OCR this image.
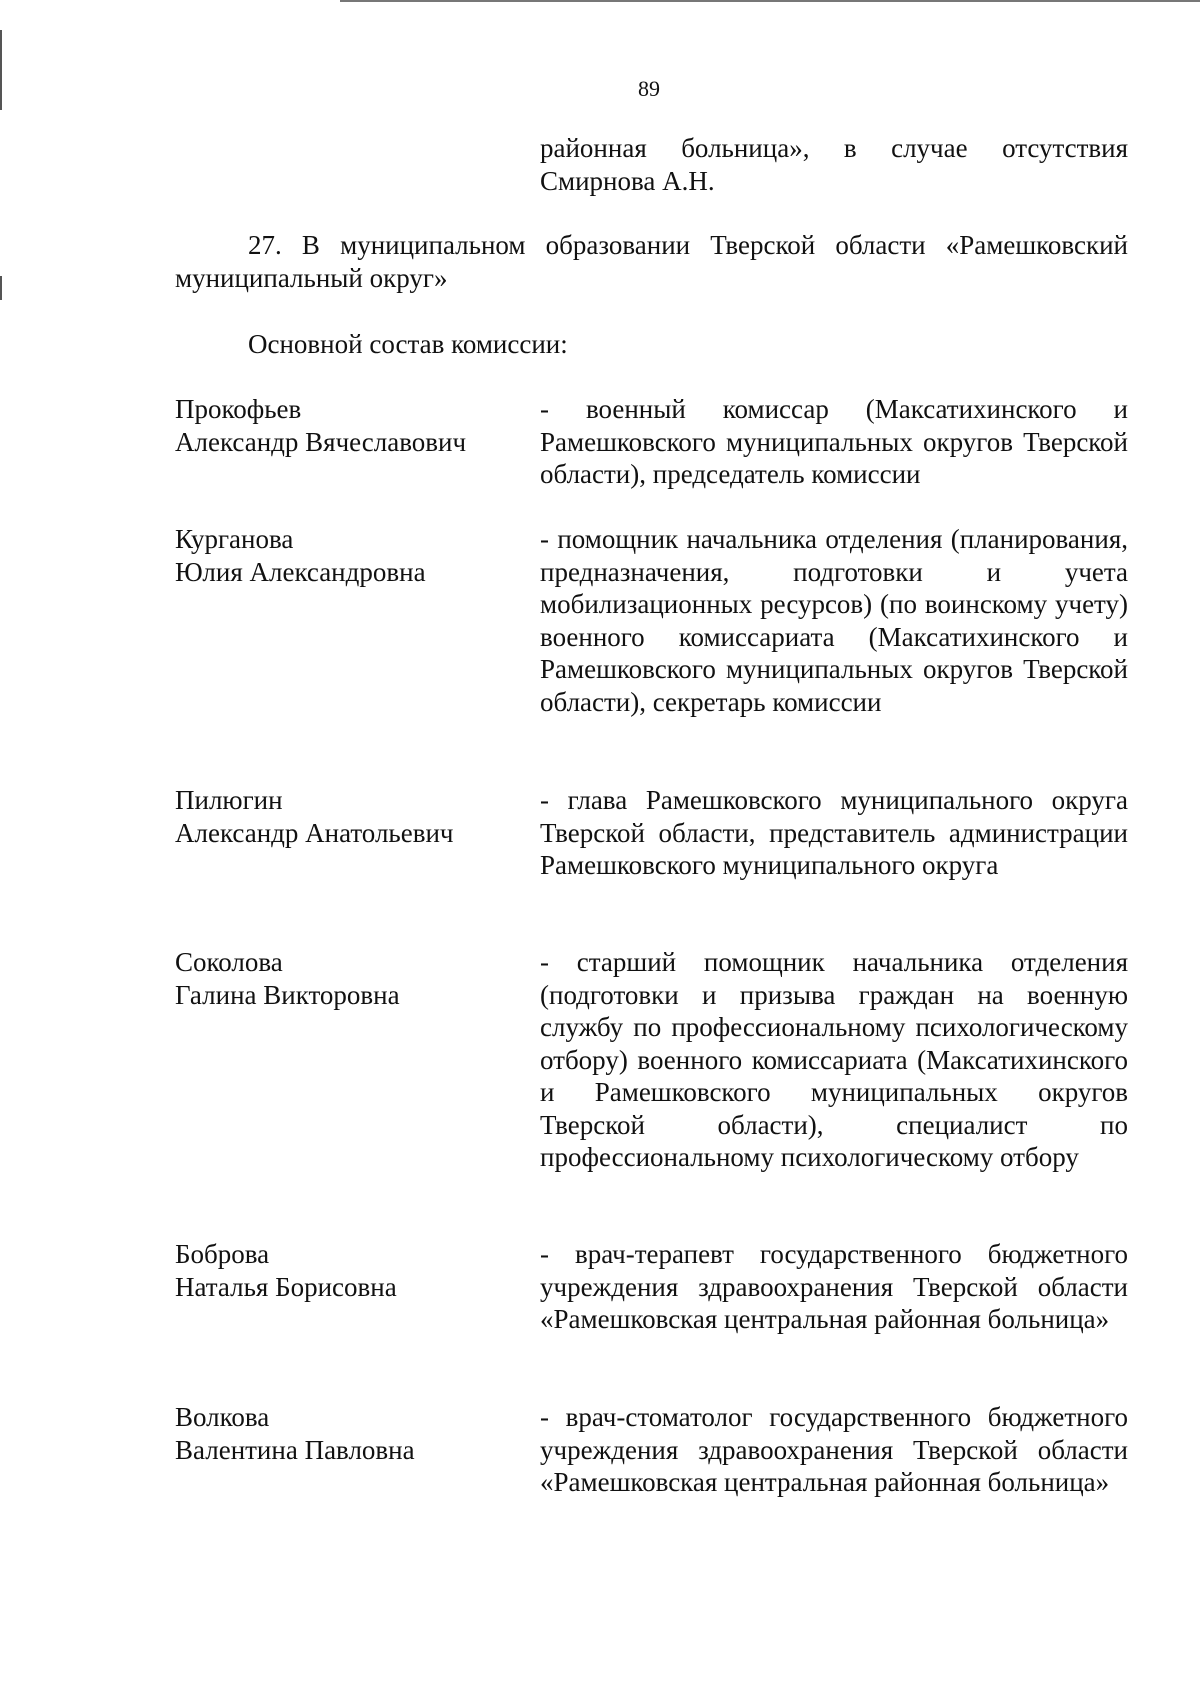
89
районная больница», в случае отсутствия Смирнова А.Н.
27. В муниципальном образовании Тверской области «Рамешковский муниципальный округ»
Основной состав комиссии:
Прокофьев
Александр Вячеславович
- военный комиссар (Максатихинского и Рамешковского муниципальных округов Тверской области), председатель комиссии
Курганова
Юлия Александровна
- помощник начальника отделения (планирования, предназначения, подготовки и учета мобилизационных ресурсов) (по воинскому учету) военного комиссариата (Максатихинского и Рамешковского муниципальных округов Тверской области), секретарь комиссии
Пилюгин
Александр Анатольевич
- глава Рамешковского муниципального округа Тверской области, представитель администрации Рамешковского муниципального округа
Соколова
Галина Викторовна
- старший помощник начальника отделения (подготовки и призыва граждан на военную службу по профессиональному психологическому отбору) военного комиссариата (Максатихинского и Рамешковского муниципальных округов Тверской области), специалист по профессиональному психологическому отбору
Боброва
Наталья Борисовна
- врач-терапевт государственного бюджетного учреждения здравоохранения Тверской области «Рамешковская центральная районная больница»
Волкова
Валентина Павловна
- врач-стоматолог государственного бюджетного учреждения здравоохранения Тверской области «Рамешковская центральная районная больница»
